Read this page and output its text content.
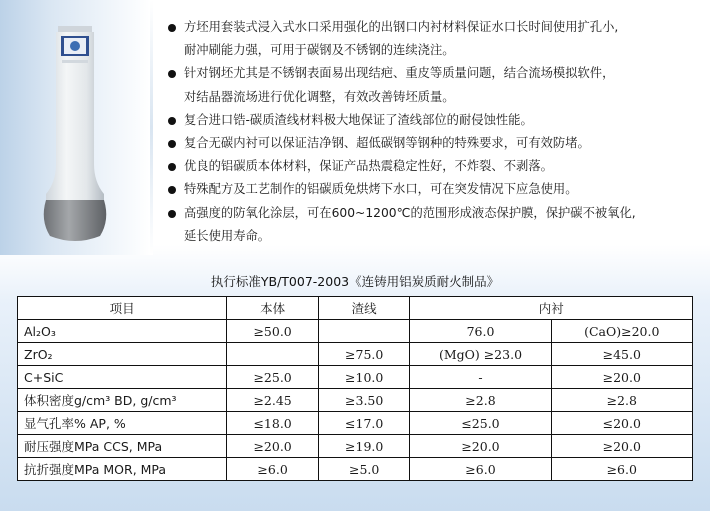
方坯用套装式浸入式水口采用强化的出钢口内衬材料保证水口长时间使用扩孔小,
耐冲刷能力强，可用于碳钢及不锈钢的连续浇注。
针对钢坯尤其是不锈钢表面易出现结疤、重皮等质量问题，结合流场模拟软件，
对结晶器流场进行优化调整，有效改善铸坯质量。
复合进口锆-碳质渣线材料极大地保证了渣线部位的耐侵蚀性能。
复合无碳内衬可以保证洁净钢、超低碳钢等钢种的特殊要求，可有效防堵。
优良的铝碳质本体材料，保证产品热震稳定性好，不炸裂、不剥落。
特殊配方及工艺制作的铝碳质免烘烤下水口，可在突发情况下应急使用。
高强度的防氧化涂层，可在600~1200℃的范围形成液态保护膜，保护碳不被氧化,
延长使用寿命。
执行标准YB/T007-2003《连铸用铝炭质耐火制品》
项目	本体	渣线	内衬	
Al₂O₃	≥50.0		76.0	(CaO)≥20.0
ZrO₂		≥75.0	(MgO) ≥23.0	≥45.0
C+SiC	≥25.0	≥10.0	-	≥20.0
体积密度g/cm³ BD, g/cm³	≥2.45	≥3.50	≥2.8	≥2.8
显气孔率% AP, %	≤18.0	≤17.0	≤25.0	≤20.0
耐压强度MPa CCS, MPa	≥20.0	≥19.0	≥20.0	≥20.0
抗折强度MPa MOR, MPa	≥6.0	≥5.0	≥6.0	≥6.0
